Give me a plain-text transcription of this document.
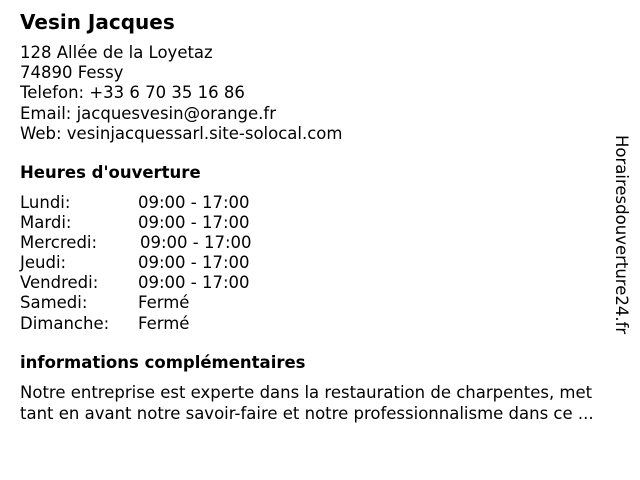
Vesin Jacques
128 Allée de la Loyetaz
74890 Fessy
Telefon: +33 6 70 35 16 86
Email: jacquesvesin@orange.fr
Web: vesinjacquessarl.site-solocal.com
Heures d'ouverture
Lundi:	09:00 - 17:00
Mardi:	09:00 - 17:00
Mercredi:	09:00 - 17:00
Jeudi:	09:00 - 17:00
Vendredi: 09:00 - 17:00
Samedi:	Fermé
Dimanche: Fermé
informations complémentaires
Notre entreprise est experte dans la restauration de charpentes, met
tant en avant notre savoir-faire et notre professionnalisme dans ce ...
Horairesdouverture24.fr
